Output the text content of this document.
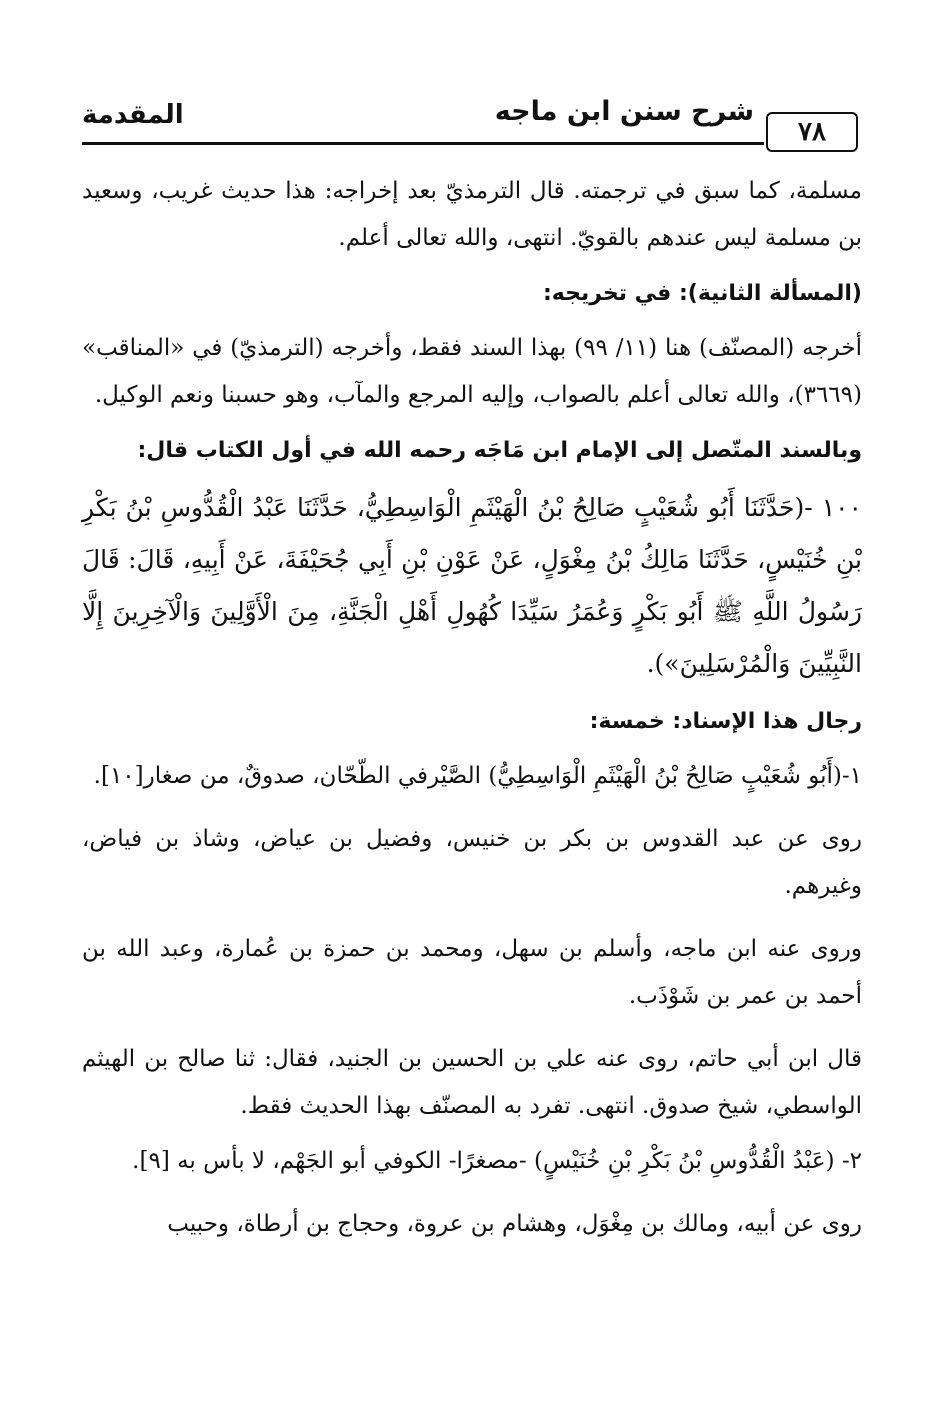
٧٨
شرح سنن ابن ماجه
المقدمة

مسلمة، كما سبق في ترجمته. قال الترمذيّ بعد إخراجه: هذا حديث غريب، وسعيد بن مسلمة ليس عندهم بالقويّ. انتهى، والله تعالى أعلم.

(المسألة الثانية): في تخريجه:

أخرجه (المصنّف) هنا (١١/ ٩٩) بهذا السند فقط، وأخرجه (الترمذيّ) في «المناقب» (٣٦٦٩)، والله تعالى أعلم بالصواب، وإليه المرجع والمآب، وهو حسبنا ونعم الوكيل.

وبالسند المتّصل إلى الإمام ابن مَاجَه رحمه الله في أول الكتاب قال:

١٠٠ -(حَدَّثَنَا أَبُو شُعَيْبٍ صَالِحُ بْنُ الْهَيْثَمِ الْوَاسِطِيُّ، حَدَّثَنَا عَبْدُ الْقُدُّوسِ بْنُ بَكْرِ بْنِ خُنَيْسٍ، حَدَّثَنَا مَالِكُ بْنُ مِغْوَلٍ، عَنْ عَوْنِ بْنِ أَبِي جُحَيْفَةَ، عَنْ أَبِيهِ، قَالَ: قَالَ رَسُولُ اللَّهِ ﷺ أَبُو بَكْرٍ وَعُمَرُ سَيِّدَا كُهُولِ أَهْلِ الْجَنَّةِ، مِنَ الْأَوَّلِينَ وَالْآخِرِينَ إِلَّا النَّبِيِّينَ وَالْمُرْسَلِينَ»).

رجال هذا الإسناد: خمسة:

١-(أَبُو شُعَيْبٍ صَالِحُ بْنُ الْهَيْثَمِ الْوَاسِطِيُّ) الصَّيْرفي الطّحّان، صدوقٌ، من صغار[١٠].

روى عن عبد القدوس بن بكر بن خنيس، وفضيل بن عياض، وشاذ بن فياض، وغيرهم.

وروى عنه ابن ماجه، وأسلم بن سهل، ومحمد بن حمزة بن عُمارة، وعبد الله بن أحمد بن عمر بن شَوْذَب.

قال ابن أبي حاتم، روى عنه علي بن الحسين بن الجنيد، فقال: ثنا صالح بن الهيثم الواسطي، شيخ صدوق. انتهى. تفرد به المصنّف بهذا الحديث فقط.

٢- (عَبْدُ الْقُدُّوسِ بْنُ بَكْرِ بْنِ خُنَيْسٍ) -مصغرًا- الكوفي أبو الجَهْم، لا بأس به [٩].

روى عن أبيه، ومالك بن مِغْوَل، وهشام بن عروة، وحجاج بن أرطاة، وحبيب
